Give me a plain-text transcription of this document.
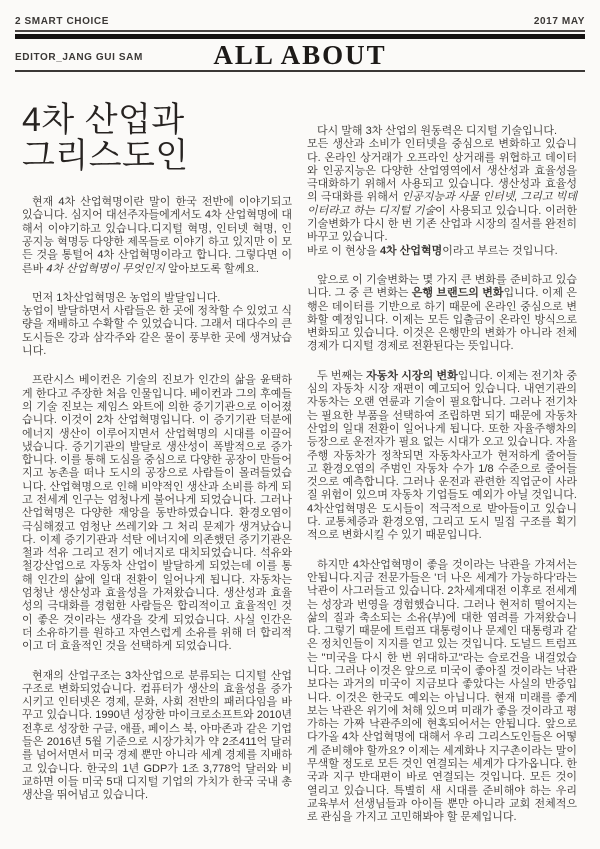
2 SMART CHOICE	2017 MAY
EDITOR_JANG GUI SAM	ALL ABOUT
4차 산업과
그리스도인

현재 4차 산업혁명이란 말이 한국 전반에 이야기되고 있습니다. 심지어 대선주자들에게서도 4차 산업혁명에 대해서 이야기하고 있습니다.디지털 혁명, 인터넷 혁명, 인공지능 혁명등 다양한 제목들로 이야기 하고 있지만 이 모든 것을 통털어 4차 산업혁명이라고 합니다. 그렇다면 이른바 4차 산업혁명이 무엇인지 알아보도록 할께요.

먼저 1차산업혁명은 농업의 발달입니다.

농업이 발달하면서 사람들은 한 곳에 정착할 수 있었고 식량을 재배하고 수확할 수 있었습니다. 그래서 대다수의 큰 도시들은 강과 삼각주와 같은 물이 풍부한 곳에 생겨났습니다.

프란시스 베이컨은 기술의 진보가 인간의 삶을 윤택하게 한다고 주장한 처음 인물입니다. 베이컨과 그의 후예들의 기술 진보는 제임스 와트에 의한 증기기관으로 이어졌습니다. 이것이 2차 산업혁명입니다. 이 증기기관 덕분에 에너지 생산이 이루어지면서 산업혁명의 시대를 이끌어 냈습니다. 증기기관의 발달로 생산성이 폭발적으로 증가합니다. 이를 통해 도심을 중심으로 다양한 공장이 만들어지고 농촌을 떠나 도시의 공장으로 사람들이 몰려들었습니다. 산업혁명으로 인해 비약적인 생산과 소비를 하게 되고 전세계 인구는 엄청나게 불어나게 되었습니다. 그러나 산업혁명은 다양한 재앙을 동반하였습니다. 환경오염이 극심해졌고 엄청난 쓰레기와 그 처리 문제가 생겨났습니다. 이제 증기기관과 석탄 에너지에 의존했던 증기기관은 철과 석유 그리고 전기 에너지로 대치되었습니다. 석유와 철강산업으로 자동차 산업이 발달하게 되었는데 이를 통해 인간의 삶에 일대 전환이 일어나게 됩니다. 자동차는 엄청난 생산성과 효율성을 가져왔습니다. 생산성과 효율성의 극대화를 경험한 사람들은 합리적이고 효율적인 것이 좋은 것이라는 생각을 갖게 되었습니다. 사실 인간은 더 소유하기를 원하고 자연스럽게 소유를 위해 더 합리적이고 더 효율적인 것을 선택하게 되었습니다.

현재의 산업구조는 3차산업으로 분류되는 디지털 산업구조로 변화되었습니다. 컴퓨터가 생산의 효율성을 증가시키고 인터넷은 경제, 문화, 사회 전반의 패러다임을 바꾸고 있습니다. 1990년 성장한 마이크로소프트와 2010년 전후로 성장한 구글, 애플, 페이스 북, 아마존과 같은 기업들은 2016년 5월 기준으로 시장가치가 약 2조411억 달러를 넘어서면서 미국 경제 뿐만 아니라 세계 경제를 지배하고 있습니다. 한국의 1년 GDP가 1조 3,778억 달러와 비교하면 이들 미국 5대 디지털 기업의 가치가 한국 국내 총생산을 뛰어넘고 있습니다.

다시 말해 3차 산업의 원동력은 디지털 기술입니다.

모든 생산과 소비가 인터넷을 중심으로 변화하고 있습니다. 온라인 상거래가 오프라인 상거래를 위협하고 데이터와 인공지능은 다양한 산업영역에서 생산성과 효율성을 극대화하기 위해서 사용되고 있습니다. 생산성과 효율성의 극대화를 위해서 인공지능과 사물 인터넷, 그리고 빅데이터라고 하는 디지털 기술이 사용되고 있습니다. 이러한 기술변화가 다시 한 번 기존 산업과 시장의 질서를 완전히 바꾸고 있습니다.

바로 이 현상을 4차 산업혁명이라고 부르는 것입니다.

앞으로 이 기술변화는 몇 가지 큰 변화를 준비하고 있습니다. 그 중 큰 변화는 은행 브랜드의 변화입니다. 이제 은행은 데이터를 기반으로 하기 때문에 온라인 중심으로 변화할 예정입니다. 이제는 모든 입출금이 온라인 방식으로 변화되고 있습니다. 이것은 은행만의 변화가 아니라 전체 경제가 디지털 경제로 전환된다는 뜻입니다.

두 번째는 자동차 시장의 변화입니다. 이제는 전기차 중심의 자동차 시장 재편이 예고되어 있습니다. 내연기관의 자동차는 오랜 연륜과 기술이 필요합니다. 그러나 전기차는 필요한 부품을 선택하여 조립하면 되기 때문에 자동차 산업의 일대 전환이 일어나게 됩니다. 또한 자율주행차의 등장으로 운전자가 필요 없는 시대가 오고 있습니다. 자율주행 자동차가 정착되면 자동차사고가 현저하게 줄어들고 환경오염의 주범인 자동차 수가 1/8 수준으로 줄어들 것으로 예측합니다. 그러나 운전과 관련한 직업군이 사라질 위험이 있으며 자동차 기업들도 예외가 아닐 것입니다. 4차산업혁명은 도시들이 적극적으로 받아들이고 있습니다. 교통체증과 환경오염, 그리고 도시 밀집 구조를 획기적으로 변화시킬 수 있기 때문입니다.

하지만 4차산업혁명이 좋을 것이라는 낙관을 가져서는 안됩니다.지금 전문가들은 '더 나은 세계가 가능하다'라는 낙관이 사그러들고 있습니다. 2차세계대전 이후로 전세계는 성장과 번영을 경험했습니다. 그러나 현저히 떨어지는 삶의 질과 축소되는 소유(부)에 대한 염려를 가져왔습니다. 그렇기 때문에 트럼프 대통령이나 문제인 대통령과 같은 정치인들이 지지를 얻고 있는 것입니다. 도널드 트럼프는 "미국을 다시 한 번 위대하고"라는 슬로건을 내걸었습니다. 그러나 이것은 앞으로 미국이 좋아질 것이라는 낙관보다는 과거의 미국이 지금보다 좋았다는 사실의 반증입니다. 이것은 한국도 예외는 아닙니다. 현재 미래를 좋게 보는 낙관은 위기에 처해 있으며 미래가 좋을 것이라고 평가하는 가짜 낙관주의에 현혹되어서는 안됩니다. 앞으로 다가올 4차 산업혁명에 대해서 우리 그리스도인들은 어떻게 준비해야 할까요? 이제는 세계화나 지구촌이라는 말이 무색할 정도로 모든 것인 연결되는 세계가 다가옵니다. 한국과 지구 반대편이 바로 연결되는 것입니다. 모든 것이 열리고 있습니다. 특별히 새 시대를 준비해야 하는 우리 교육부서 선생님들과 아이들 뿐만 아니라 교회 전체적으로 관심을 가지고 고민해봐야 할 문제입니다.
